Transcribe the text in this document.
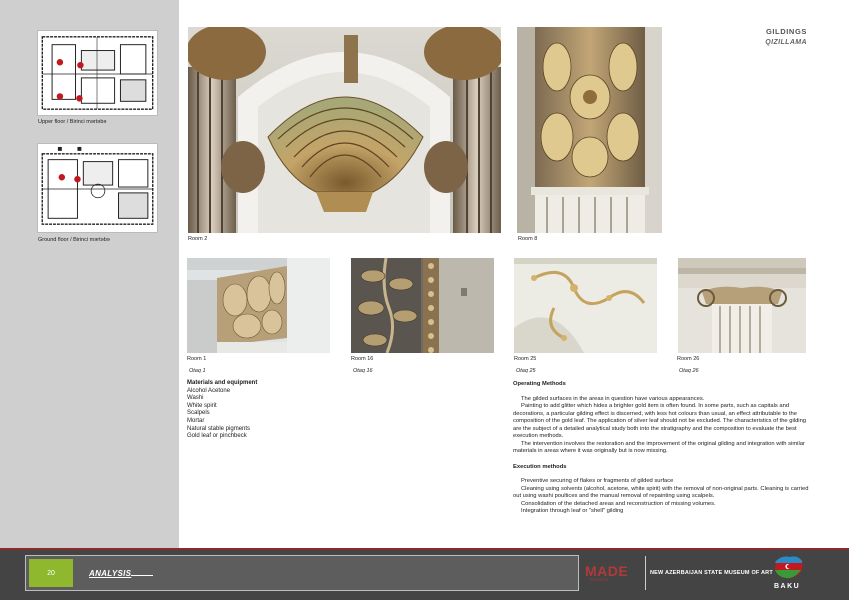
Upper floor / Birinci mərtəbə
Ground floor / Birinci mərtəbə
GILDINGS
QIZILLAMA
Room 2	Room 8
Room 1
Otaq 1
Room 16
Otaq 16
Room 25
Otaq 25
Room 26
Otaq 26
Materials and equipment
Alcohol Acetone
Washi
White spirit
Scalpels
Mortar
Natural stable pigments
Gold leaf or pinchbeck
Operating Methods

The gilded surfaces in the areas in question have various appearances.

Painting to add glitter which hides a brighter gold item is often found. In some parts, such as capitals and decorations, a particular gilding effect is discerned, with less hot colours than usual, an effect attributable to the composition of the gold leaf. The application of silver leaf should not be excluded. The characteristics of the gilding are the subject of a detailed analytical study both into the stratigraphy and the composition to evaluate the best execution methods.

The intervention involves the restoration and the improvement of the original gilding and integration with similar materials in areas where it was originally but is now missing.

Execution methods

Preventive securing of flakes or fragments of gilded surface

Cleaning using solvents (alcohol, acetone, white spirit) with the removal of non-original parts. Cleaning is carried out using washi poultices and the manual removal of repainting using scalpels.

Consolidation of the detached areas and reconstruction of missing volumes.

Integration through leaf or "shell" gilding

20	ANALYSIS	MADE
PROGETTI
NEW AZERBAIJAN STATE MUSEUM OF ART
BAKU
